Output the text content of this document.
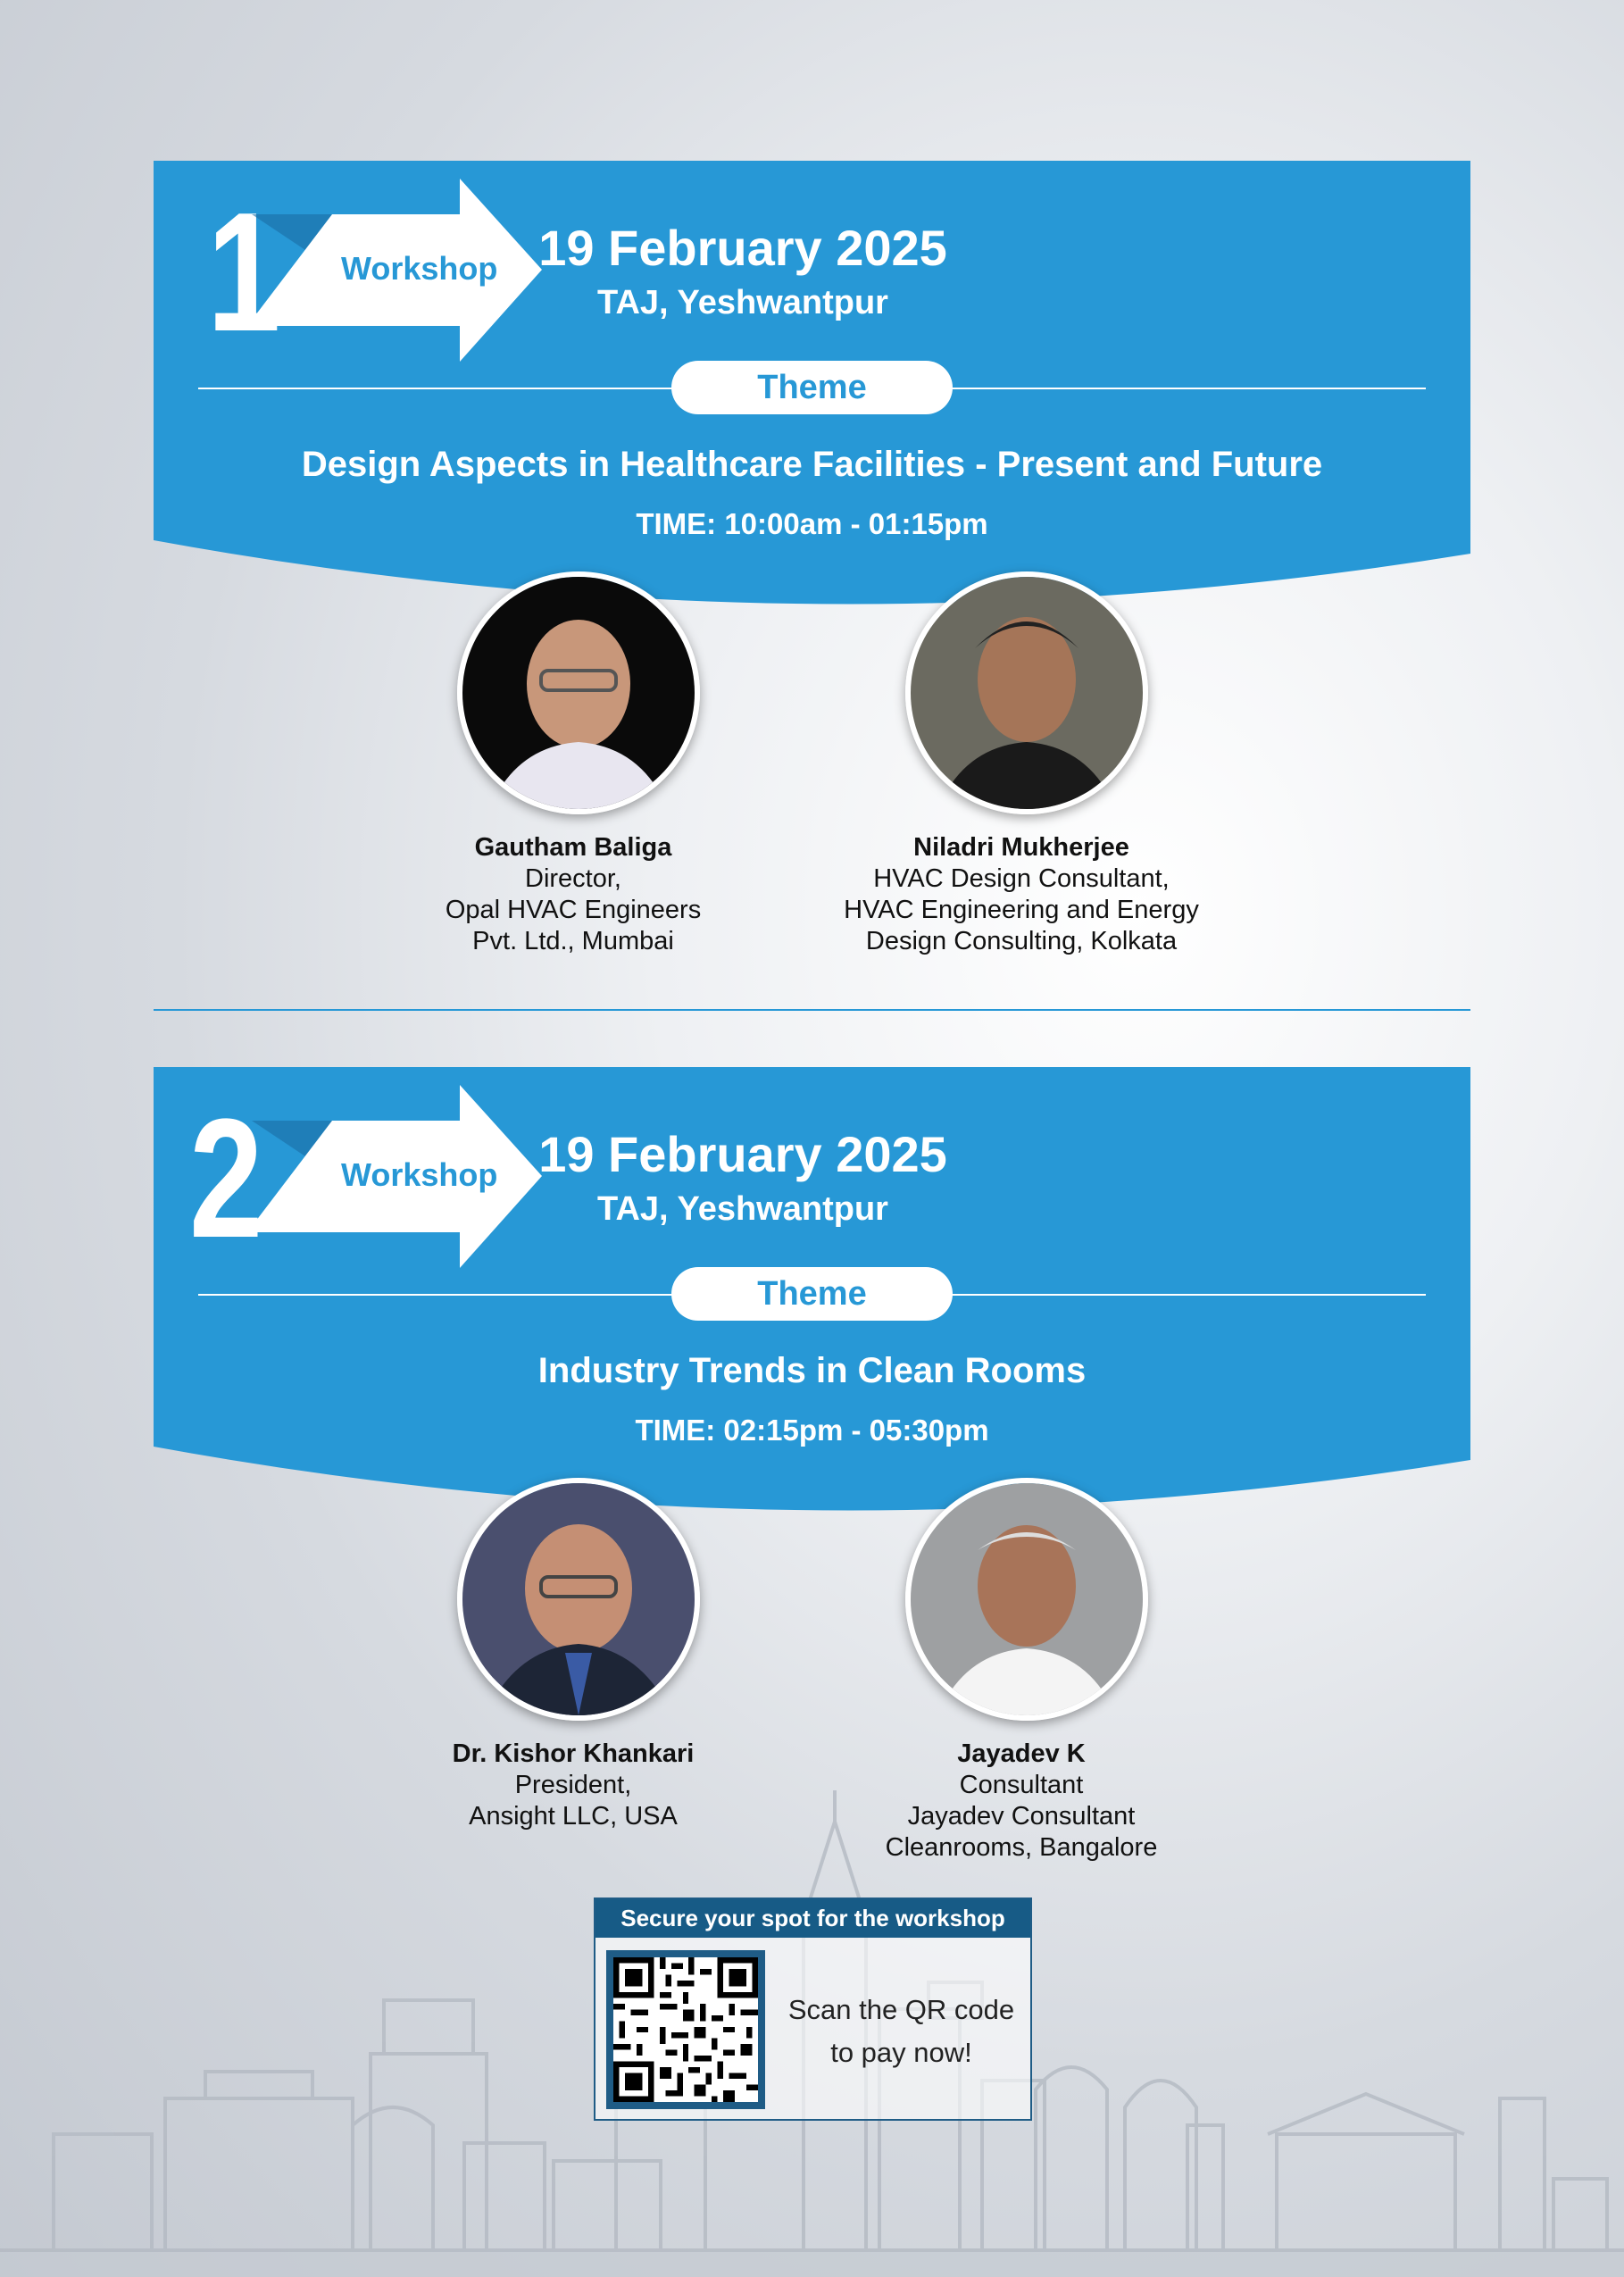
1 Workshop 19 February 2025
TAJ, Yeshwantpur
Theme
Design Aspects in Healthcare Facilities - Present and Future
TIME: 10:00am - 01:15pm
Gautham Baliga
Director,
Opal HVAC Engineers
Pvt. Ltd., Mumbai
Niladri Mukherjee
HVAC Design Consultant,
HVAC Engineering and Energy
Design Consulting, Kolkata
2 Workshop 19 February 2025
TAJ, Yeshwantpur
Theme
Industry Trends in Clean Rooms
TIME: 02:15pm - 05:30pm
Dr. Kishor Khankari
President,
Ansight LLC, USA
Jayadev K
Consultant
Jayadev Consultant
Cleanrooms, Bangalore
Secure your spot for the workshop
Scan the QR code
to pay now!
